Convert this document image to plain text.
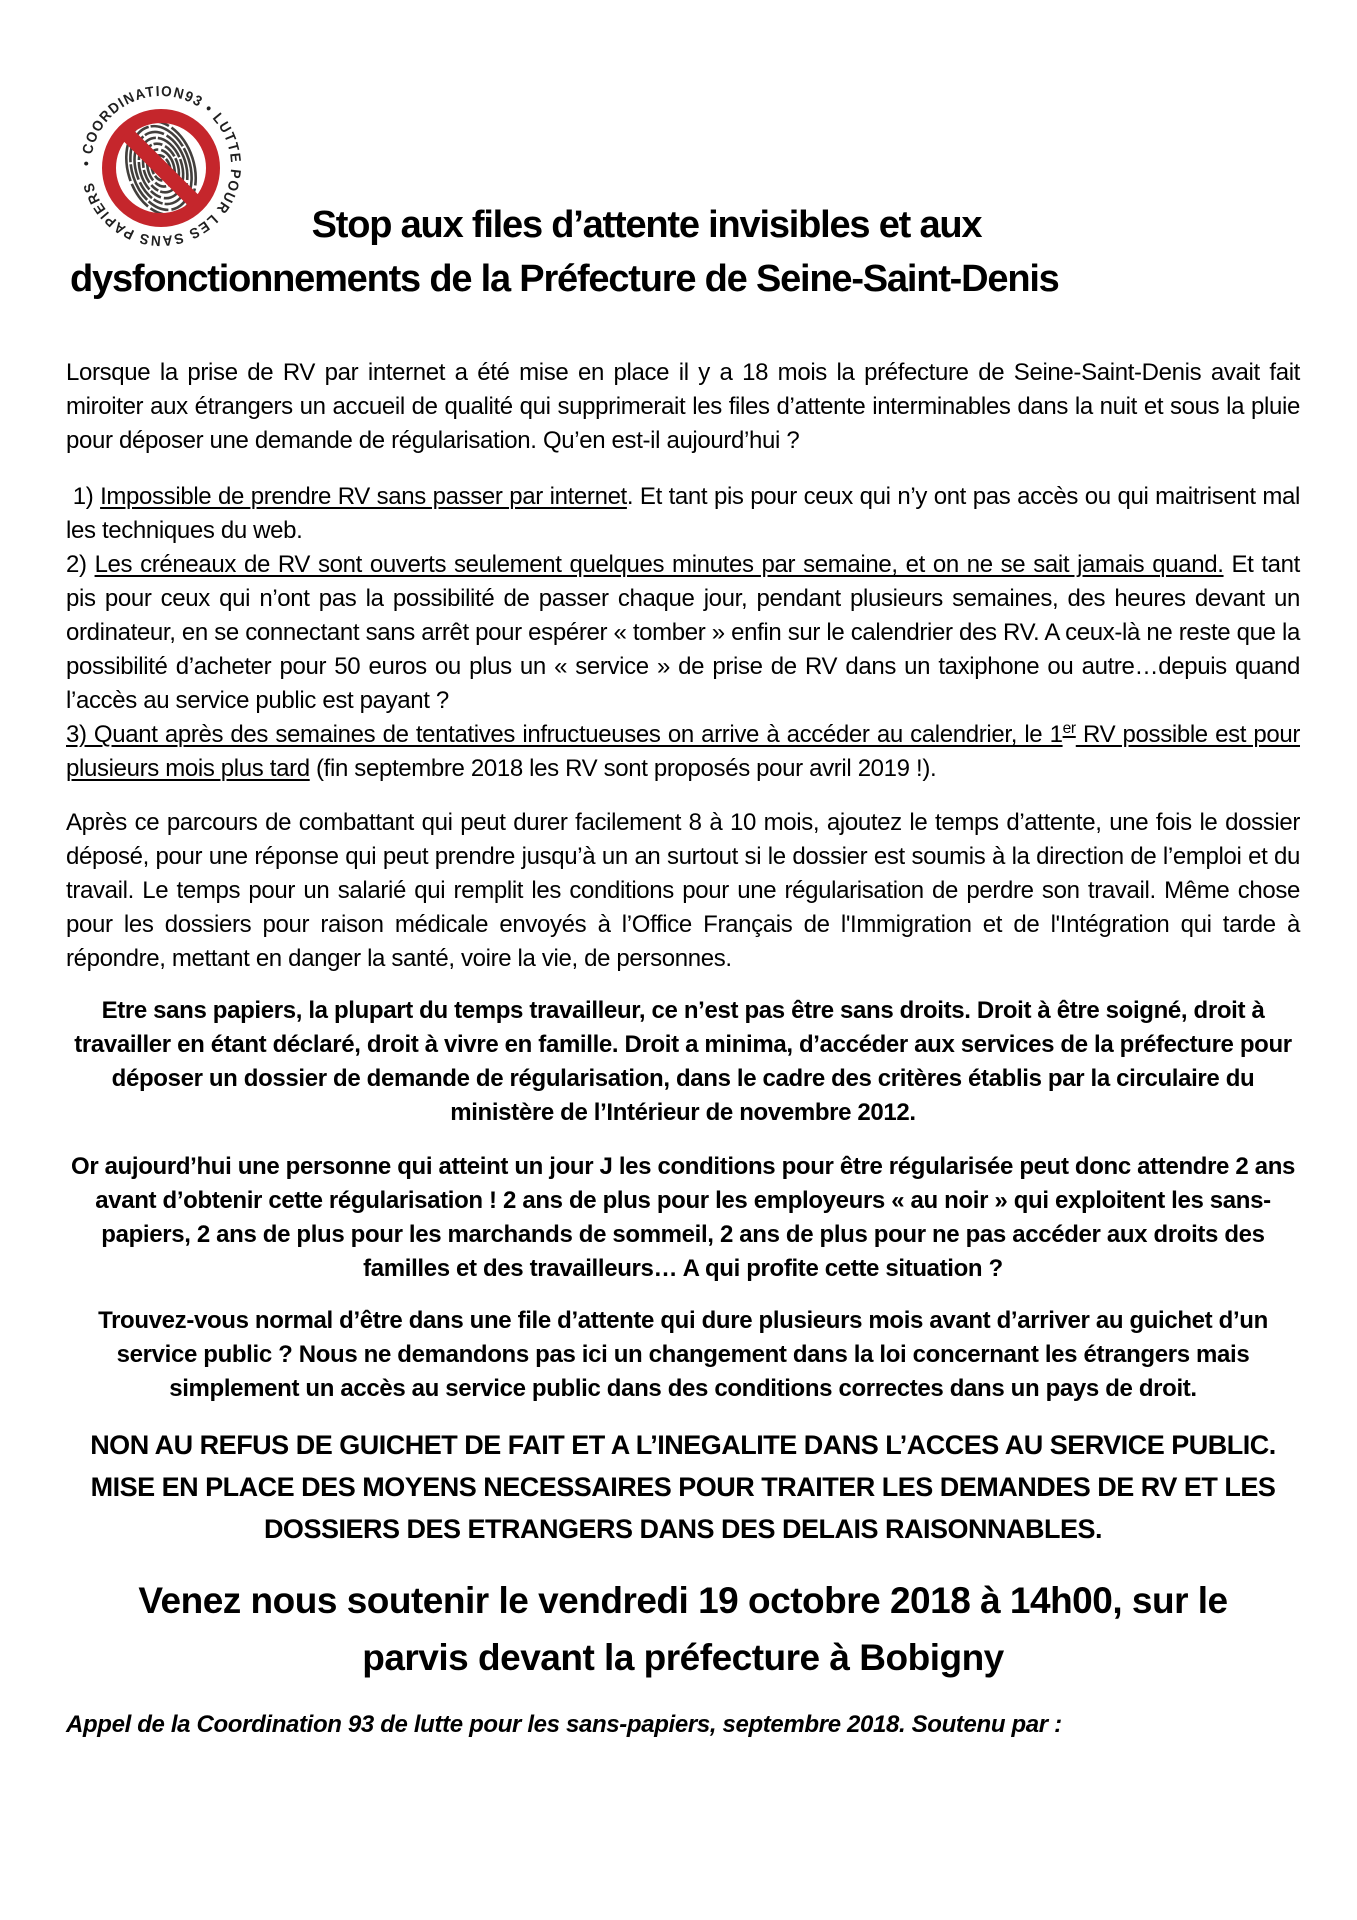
• COORDINATION93 • LUTTE POUR LES SANS PAPIERS
Stop aux files d’attente invisibles et aux
dysfonctionnements de la Préfecture de Seine-Saint-Denis

Lorsque la prise de RV par internet a été mise en place il y a 18 mois la préfecture de Seine-Saint-Denis avait fait miroiter aux étrangers un accueil de qualité qui supprimerait les files d’attente interminables dans la nuit et sous la pluie pour déposer une demande de régularisation. Qu’en est-il aujourd’hui ?

1) Impossible de prendre RV sans passer par internet. Et tant pis pour ceux qui n’y ont pas accès ou qui maitrisent mal les techniques du web.

2) Les créneaux de RV sont ouverts seulement quelques minutes par semaine, et on ne se sait jamais quand. Et tant pis pour ceux qui n’ont pas la possibilité de passer chaque jour, pendant plusieurs semaines, des heures devant un ordinateur, en se connectant sans arrêt pour espérer « tomber » enfin sur le calendrier des RV. A ceux-là ne reste que la possibilité d’acheter pour 50 euros ou plus un « service » de prise de RV dans un taxiphone ou autre…depuis quand l’accès au service public est payant ?

3) Quant après des semaines de tentatives infructueuses on arrive à accéder au calendrier, le 1er RV possible est pour plusieurs mois plus tard (fin septembre 2018 les RV sont proposés pour avril 2019 !).

Après ce parcours de combattant qui peut durer facilement 8 à 10 mois, ajoutez le temps d’attente, une fois le dossier déposé, pour une réponse qui peut prendre jusqu’à un an surtout si le dossier est soumis à la direction de l’emploi et du travail. Le temps pour un salarié qui remplit les conditions pour une régularisation de perdre son travail. Même chose pour les dossiers pour raison médicale envoyés à l’Office Français de l'Immigration et de l'Intégration qui tarde à répondre, mettant en danger la santé, voire la vie, de personnes.

Etre sans papiers, la plupart du temps travailleur, ce n’est pas être sans droits. Droit à être soigné, droit à travailler en étant déclaré, droit à vivre en famille. Droit a minima, d’accéder aux services de la préfecture pour déposer un dossier de demande de régularisation, dans le cadre des critères établis par la circulaire du ministère de l’Intérieur de novembre 2012.

Or aujourd’hui une personne qui atteint un jour J les conditions pour être régularisée peut donc attendre 2 ans avant d’obtenir cette régularisation ! 2 ans de plus pour les employeurs « au noir » qui exploitent les sans-papiers, 2 ans de plus pour les marchands de sommeil, 2 ans de plus pour ne pas accéder aux droits des familles et des travailleurs… A qui profite cette situation ?

Trouvez-vous normal d’être dans une file d’attente qui dure plusieurs mois avant d’arriver au guichet d’un service public ? Nous ne demandons pas ici un changement dans la loi concernant les étrangers mais simplement un accès au service public dans des conditions correctes dans un pays de droit.

NON AU REFUS DE GUICHET DE FAIT ET A L’INEGALITE DANS L’ACCES AU SERVICE PUBLIC.
MISE EN PLACE DES MOYENS NECESSAIRES POUR TRAITER LES DEMANDES DE RV ET LES
DOSSIERS DES ETRANGERS DANS DES DELAIS RAISONNABLES.

Venez nous soutenir le vendredi 19 octobre 2018 à 14h00, sur le
parvis devant la préfecture à Bobigny

Appel de la Coordination 93 de lutte pour les sans-papiers, septembre 2018. Soutenu par :
